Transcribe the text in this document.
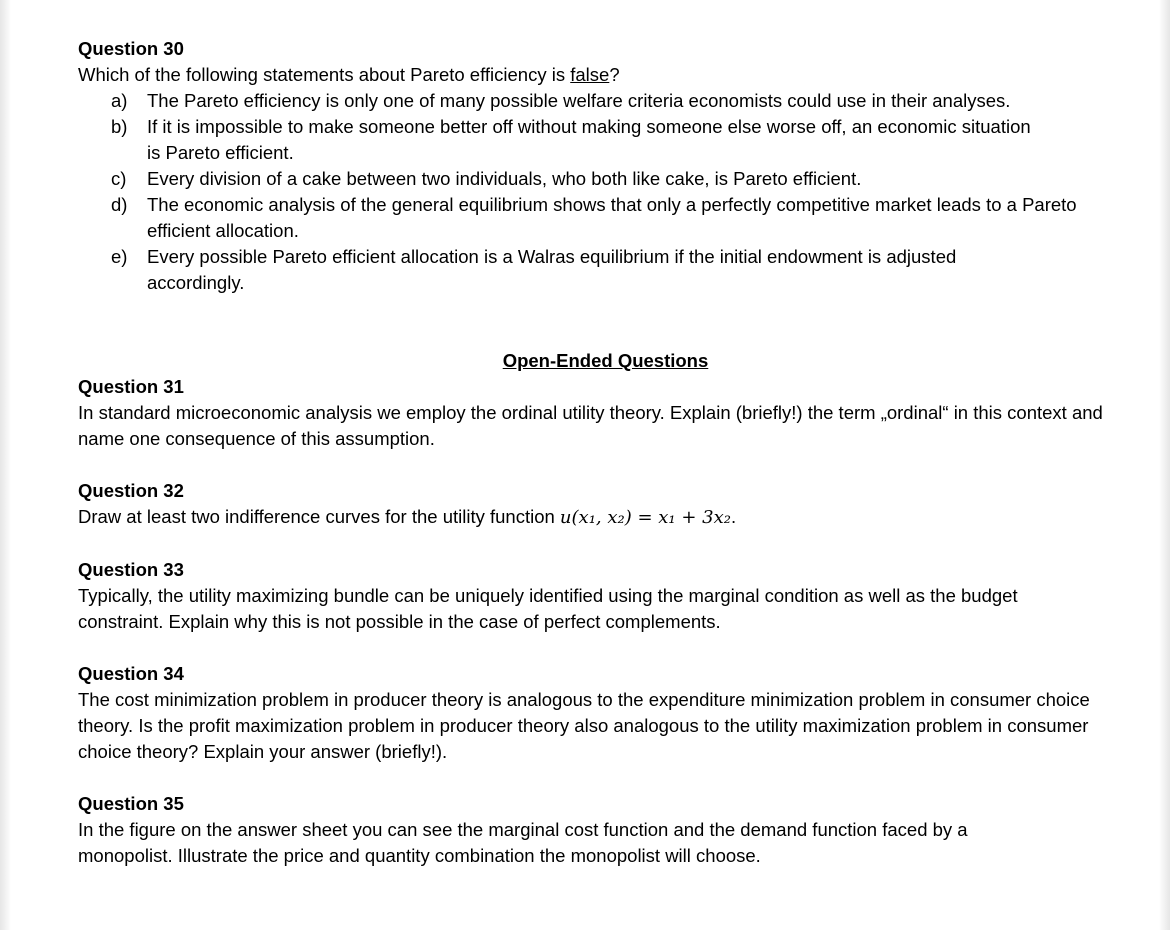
Question 30

Which of the following statements about Pareto efficiency is false?

a) The Pareto efficiency is only one of many possible welfare criteria economists could use in their analyses.
b) If it is impossible to make someone better off without making someone else worse off, an economic situation is Pareto efficient.
c) Every division of a cake between two individuals, who both like cake, is Pareto efficient.
d) The economic analysis of the general equilibrium shows that only a perfectly competitive market leads to a Pareto efficient allocation.
e) Every possible Pareto efficient allocation is a Walras equilibrium if the initial endowment is adjusted accordingly.

Open-Ended Questions

Question 31

In standard microeconomic analysis we employ the ordinal utility theory. Explain (briefly!) the term „ordinal“ in this context and name one consequence of this assumption.

Question 32

Draw at least two indifference curves for the utility function u(x₁, x₂) = x₁ + 3x₂.

Question 33

Typically, the utility maximizing bundle can be uniquely identified using the marginal condition as well as the budget constraint. Explain why this is not possible in the case of perfect complements.

Question 34

The cost minimization problem in producer theory is analogous to the expenditure minimization problem in consumer choice theory. Is the profit maximization problem in producer theory also analogous to the utility maximization problem in consumer choice theory? Explain your answer (briefly!).

Question 35

In the figure on the answer sheet you can see the marginal cost function and the demand function faced by a monopolist. Illustrate the price and quantity combination the monopolist will choose.
